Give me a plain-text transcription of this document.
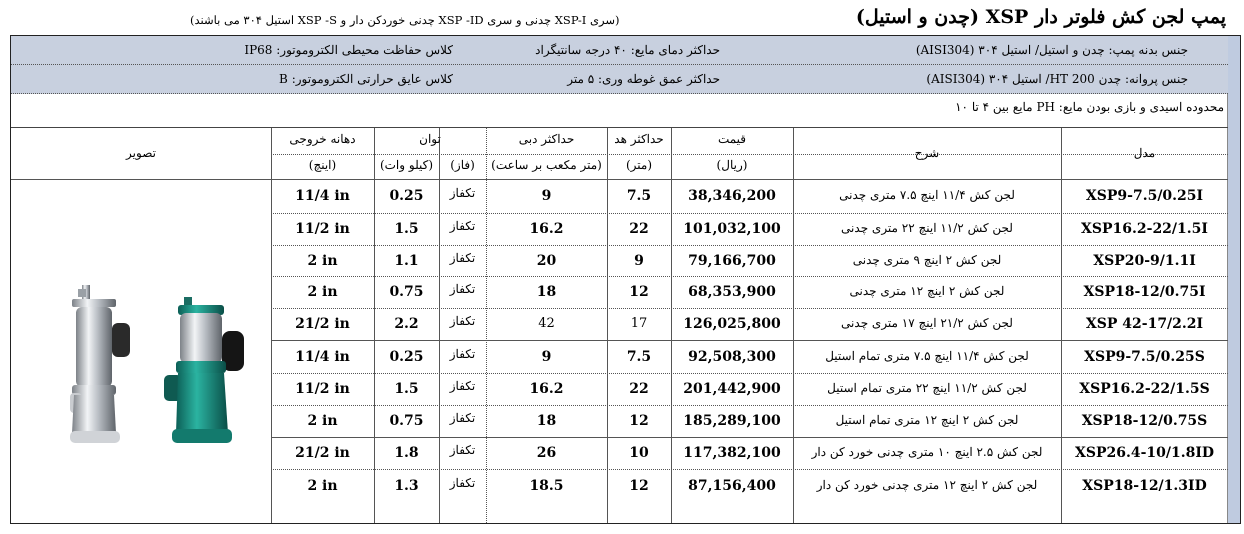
پمپ لجن کش فلوتر دار XSP (چدن و استیل)
(سری XSP-I چدنی و سری XSP -ID چدنی خوردکن دار و XSP -S استیل ۳۰۴ می باشند)
جنس بدنه پمپ: چدن و استیل/ استیل ۳۰۴ (AISI304)
حداکثر دمای مایع: ۴۰ درجه سانتیگراد
کلاس حفاظت محیطی الکتروموتور: IP68
جنس پروانه: چدن HT 200/ استیل ۳۰۴ (AISI304)
حداکثر عمق غوطه وری: ۵ متر
کلاس عایق حرارتی الکتروموتور: B
محدوده اسیدی و بازی بودن مایع: PH مایع بین ۴ تا ۱۰
تصویر
دهانه خروجی
(اینچ)
توان
(کیلو وات)	(فاز)
حداکثر دبی
(متر مکعب بر ساعت)
حداکثر هد
(متر)
قیمت
(ریال)
شرح	مدل
11/4 in	0.25	تکفاز	9	7.5	38,346,200	لجن کش ۱۱/۴ اینچ ۷.۵ متری چدنی	XSP9-7.5/0.25I
11/2 in	1.5	تکفاز	16.2	22	101,032,100	لجن کش ۱۱/۲ اینچ ۲۲ متری چدنی	XSP16.2-22/1.5I
2 in	1.1	تکفاز	20	9	79,166,700	لجن کش ۲ اینچ ۹ متری چدنی	XSP20-9/1.1I
2 in	0.75	تکفاز	18	12	68,353,900	لجن کش ۲ اینچ ۱۲ متری چدنی	XSP18-12/0.75I
21/2 in	2.2	تکفاز	42	17	126,025,800	لجن کش ۲۱/۲ اینچ ۱۷ متری چدنی	XSP 42-17/2.2I
11/4 in	0.25	تکفاز	9	7.5	92,508,300	لجن کش ۱۱/۴ اینچ ۷.۵ متری تمام استیل	XSP9-7.5/0.25S
11/2 in	1.5	تکفاز	16.2	22	201,442,900	لجن کش ۱۱/۲ اینچ ۲۲ متری تمام استیل	XSP16.2-22/1.5S
2 in	0.75	تکفاز	18	12	185,289,100	لجن کش ۲ اینچ ۱۲ متری تمام استیل	XSP18-12/0.75S
21/2 in	1.8	تکفاز	26	10	117,382,100	لجن کش ۲.۵ اینچ ۱۰ متری چدنی خورد کن دار	XSP26.4-10/1.8ID
2 in	1.3	تکفاز	18.5	12	87,156,400	لجن کش ۲ اینچ ۱۲ متری چدنی خورد کن دار	XSP18-12/1.3ID
